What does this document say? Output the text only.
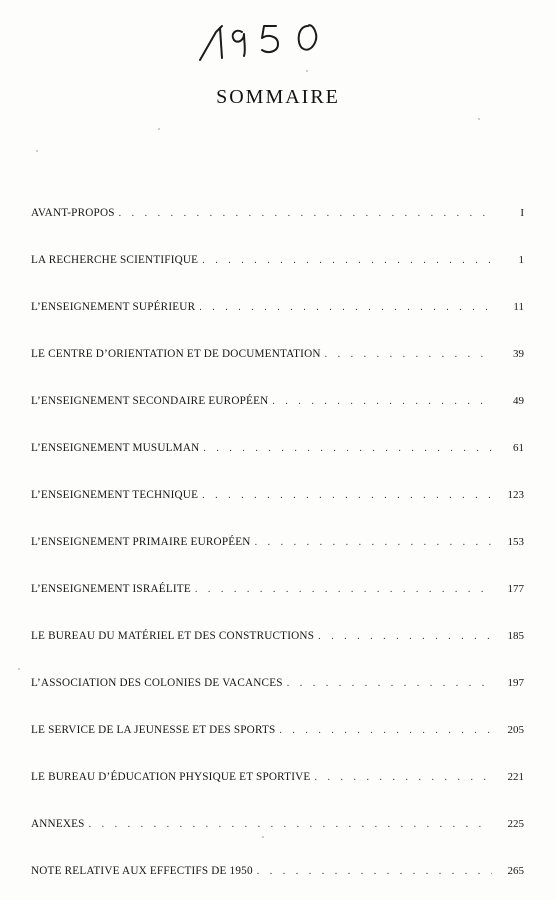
SOMMAIRE
AVANT-PROPOS . . .	I
LA RECHERCHE SCIENTIFIQUE . . .	1
L’ENSEIGNEMENT SUPÉRIEUR . . .	11
LE CENTRE D’ORIENTATION ET DE DOCUMENTATION . . .	39
L’ENSEIGNEMENT SECONDAIRE EUROPÉEN . . .	49
L’ENSEIGNEMENT MUSULMAN . . .	61
L’ENSEIGNEMENT TECHNIQUE . . .	123
L’ENSEIGNEMENT PRIMAIRE EUROPÉEN . . .	153
L’ENSEIGNEMENT ISRAÉLITE . . .	177
LE BUREAU DU MATÉRIEL ET DES CONSTRUCTIONS . . .	185
L’ASSOCIATION DES COLONIES DE VACANCES . . .	197
LE SERVICE DE LA JEUNESSE ET DES SPORTS . . .	205
LE BUREAU D’ÉDUCATION PHYSIQUE ET SPORTIVE . . .	221
ANNEXES . . .	225
NOTE RELATIVE AUX EFFECTIFS DE 1950 . . .	265
